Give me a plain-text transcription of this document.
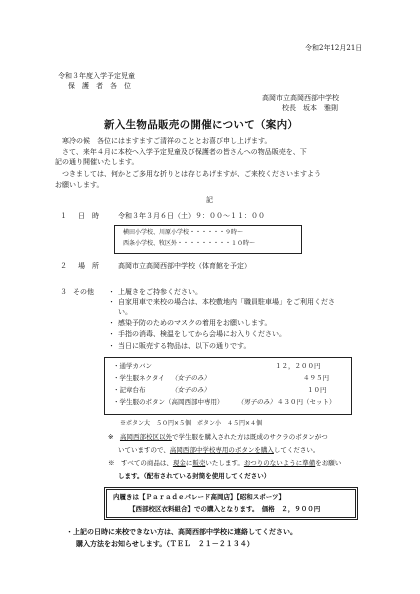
令和2年12月21日
令和３年度入学予定児童
保　護　者　各　位
高岡市立高岡西部中学校
校長　坂本　雅則
新入生物品販売の開催について（案内）
寒冷の候　各位にはますますご清祥のこととお喜び申し上げます。
さて、来年４月に本校へ入学予定児童及び保護者の皆さんへの物品販売を、下
記の通り開催いたします。
つきましては、何かとご多用な折りとは存じあげますが、ご来校くださいますよう
お願いします。
記
１ 日　時	令和３年３月６日（土）９：００～１１：００
横田小学校、川原小学校・・・・・・９時～
西条小学校、牧区外・・・・・・・・・１０時～
２ 場　所	高岡市立高岡西部中学校（体育館を予定）
３ その他 ・ 上履きをご持参ください。
・ 自家用車で来校の場合は、本校敷地内「職員駐車場」をご利用くださ
い。
・ 感染予防のためのマスクの着用をお願いします。
・ 手指の消毒、検温をしてから会場にお入りください。
・ 当日に販売する物品は、以下の通りです。
・通学カバン	１２，２００円
・学生服ネクタイ （女子のみ）	４９５円
・記章台布	（女子のみ）	１０円
・学生服のボタン（高岡西部中専用） （男子のみ） ４３０円（セット）
※ボタン大　５０円×５個　ボタン小　４５円×４個
※　 高岡西部校区以外 で学生服を購入された方は既成のサクラのボタンがつ
いていますので、 高岡西部中学校専用のボタンを購入 してください。
※　すべての商品は、 現金 に 販売 いたします。 おつりのないように準備 をお願い
します。（配布されている封筒を使用してください）
内履きは【Ｐａｒａｄｅパレード高岡店】【昭和スポーツ】
【西部校区衣料組合】での購入となります。　価格　２，９００円
・上記の日時に来校できない方は、高岡西部中学校に連絡してください。
購入方法をお知らせします。（ＴＥＬ　２１－２１３４）
